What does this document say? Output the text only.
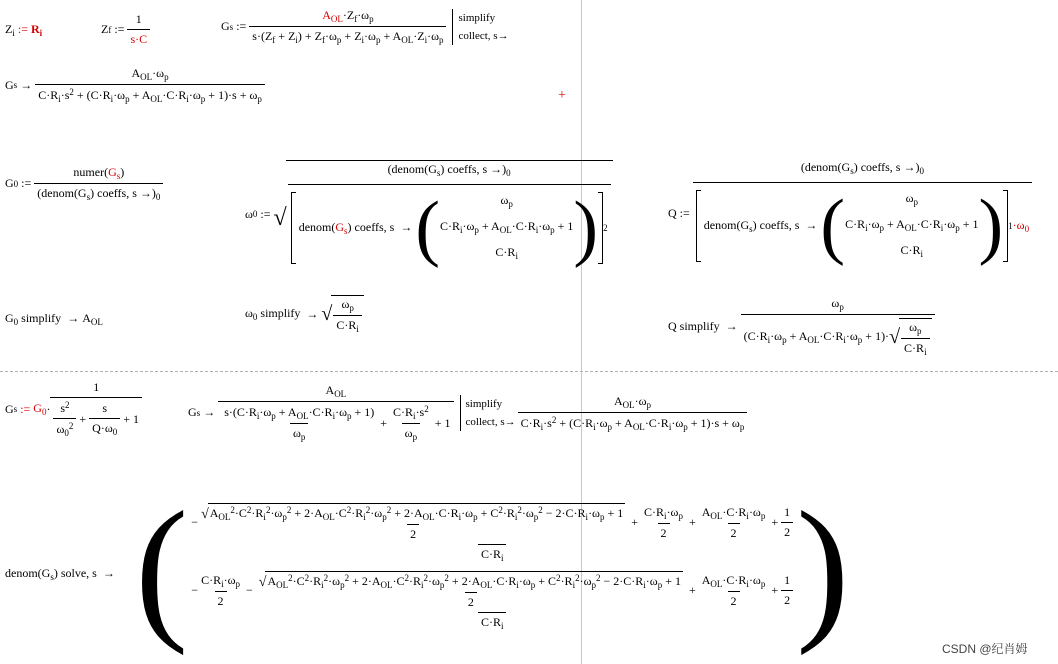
$Z_i$ := $R_i$	Z f
:=
$\frac{1}{s\cdot C}$	G s
:=
$\frac{A_{OL}\cdot Z_f\cdot\omega_p}{s\cdot(Z_f + Z_i) + Z_f\cdot\omega_p + Z_i\cdot\omega_p + A_{OL}\cdot Z_i\cdot\omega_p}$
simplify
collect, s→
G s
→
$\frac{A_{OL}\cdot\omega_p}{C\cdot R_i\cdot s^2 + (C\cdot R_i\cdot\omega_p + A_{OL}\cdot C\cdot R_i\cdot\omega_p + 1)\cdot s + \omega_p}$	+
G 0
:=
$\frac{numer(G_s)}{(denom(G_s) coeffs, s \to)_0}$
ω 0
:=
√
($denom(G_s)$ coeffs, $s \to)_0$
$denom(G_s)$ coeffs, s  → (	$\omega_p$
$C\cdot R_i\cdot\omega_p + A_{OL}\cdot C\cdot R_i\cdot\omega_p + 1$
$C\cdot R_i$ ) 2
Q
:=

($denom(G_s)$ coeffs, $s \to)_0$
$denom(G_s)$ coeffs, s  → (	$\omega_p$
$C\cdot R_i\cdot\omega_p + A_{OL}\cdot C\cdot R_i\cdot\omega_p + 1$
$C\cdot R_i$ ) $1 \cdot\omega_0$
$G_0$ simplify → $A_{OL}$
$\omega_0$ simplify
→
√ $\frac{\omega_p}{C\cdot R_i}$	Q simplify
→
$\frac{\omega_p}{(C\cdot R_i\cdot\omega_p + A_{OL}\cdot C\cdot R_i\cdot\omega_p + 1)\cdot √ \frac{\omega_p}{C\cdot R_i}}$
G s
:=
$G_0 \cdot 1$
$\frac{s^2}{\omega_0^2} + \frac{s}{Q\cdot\omega_0}$
+ 1	G s
→
$\frac{A_{OL}}{\frac{s\cdot(C\cdot R_i\cdot\omega_p + A_{OL}\cdot C\cdot R_i\cdot\omega_p + 1)}{\omega_p} + \frac{C\cdot R_i\cdot s^2}{\omega_p} + 1}$
simplify
collect, $s\to \frac{A_{OL}\cdot\omega_p}{C\cdot R_i\cdot s^2 + (C\cdot R_i\cdot\omega_p + A_{OL}\cdot C\cdot R_i\cdot\omega_p + 1)\cdot s + \omega_p}$
$denom(G_s)$ solve, s → ( − √ $A_{OL}^2\cdot C^2\cdot R_i^2\cdot\omega_p^2 + 2\cdot A_{OL}\cdot C^2\cdot R_i^2\cdot\omega_p^2 + 2\cdot A_{OL}\cdot C\cdot R_i\cdot\omega_p + C^2\cdot R_i^2\cdot\omega_p^2 - 2\cdot C\cdot R_i\cdot\omega_p + 1$
2
+ $\frac{C\cdot R_i\cdot\omega_p}{2} + \frac{A_{OL}\cdot C\cdot R_i\cdot\omega_p}{2} + \frac{1}{2}$
$C\cdot R_i$
− $\frac{C\cdot R_i\cdot\omega_p}{2}$ − √ $A_{OL}^2\cdot C^2\cdot R_i^2\cdot\omega_p^2 + 2\cdot A_{OL}\cdot C^2\cdot R_i^2\cdot\omega_p^2 + 2\cdot A_{OL}\cdot C\cdot R_i\cdot\omega_p + C^2\cdot R_i^2\cdot\omega_p^2 - 2\cdot C\cdot R_i\cdot\omega_p + 1$
2
+ $\frac{A_{OL}\cdot C\cdot R_i\cdot\omega_p}{2} + \frac{1}{2}$
$C\cdot R_i$ )	CSDN @纪肖姆
